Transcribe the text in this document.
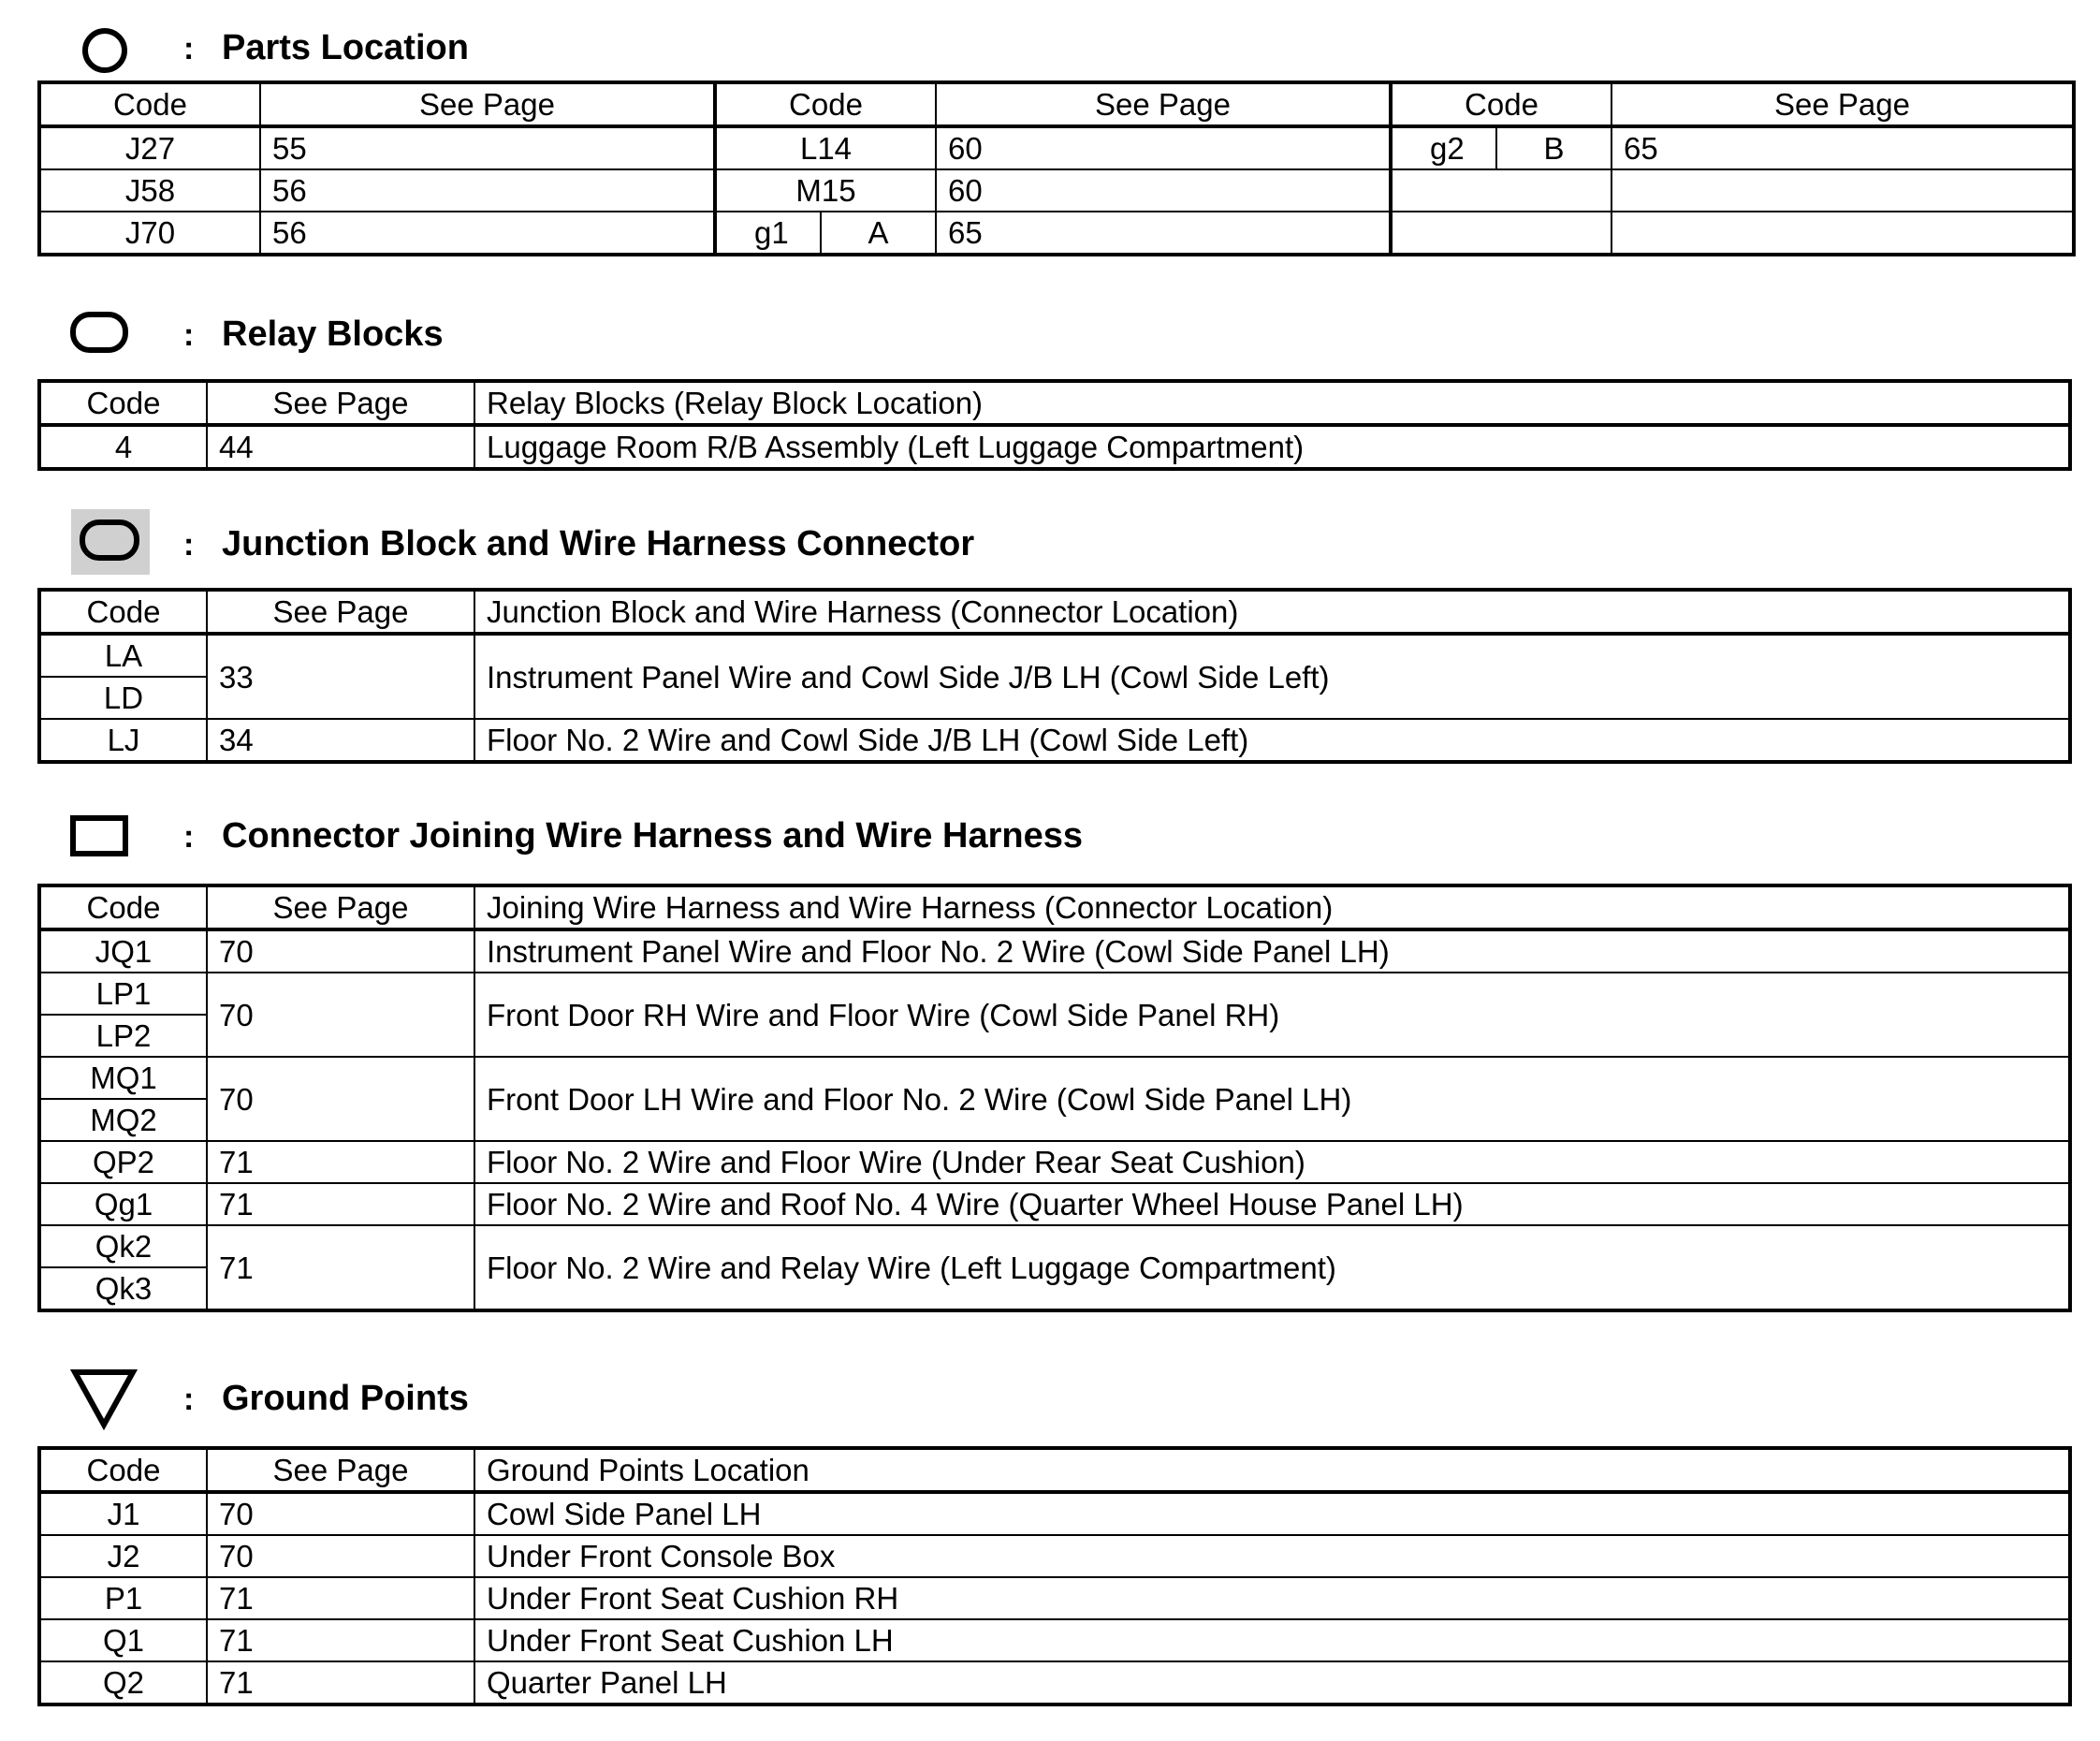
: Parts Location
Code	See Page	Code	See Page	Code	See Page
J27	55	L14	60	g2 B	65
J58	56	M15	60		
J70	56	g1 A	65		
: Relay Blocks
Code	See Page	Relay Blocks (Relay Block Location)
4	44	Luggage Room R/B Assembly (Left Luggage Compartment)
: Junction Block and Wire Harness Connector
Code	See Page	Junction Block and Wire Harness (Connector Location)
LA	33	Instrument Panel Wire and Cowl Side J/B LH (Cowl Side Left)
LD		
LJ	34	Floor No. 2 Wire and Cowl Side J/B LH (Cowl Side Left)
: Connector Joining Wire Harness and Wire Harness
Code	See Page	Joining Wire Harness and Wire Harness (Connector Location)
JQ1	70	Instrument Panel Wire and Floor No. 2 Wire (Cowl Side Panel LH)
LP1	70	Front Door RH Wire and Floor Wire (Cowl Side Panel RH)
LP2		
MQ1	70	Front Door LH Wire and Floor No. 2 Wire (Cowl Side Panel LH)
MQ2		
QP2	71	Floor No. 2 Wire and Floor Wire (Under Rear Seat Cushion)
Qg1	71	Floor No. 2 Wire and Roof No. 4 Wire (Quarter Wheel House Panel LH)
Qk2	71	Floor No. 2 Wire and Relay Wire (Left Luggage Compartment)
Qk3		
: Ground Points
Code	See Page	Ground Points Location
J1	70	Cowl Side Panel LH
J2	70	Under Front Console Box
P1	71	Under Front Seat Cushion RH
Q1	71	Under Front Seat Cushion LH
Q2	71	Quarter Panel LH
